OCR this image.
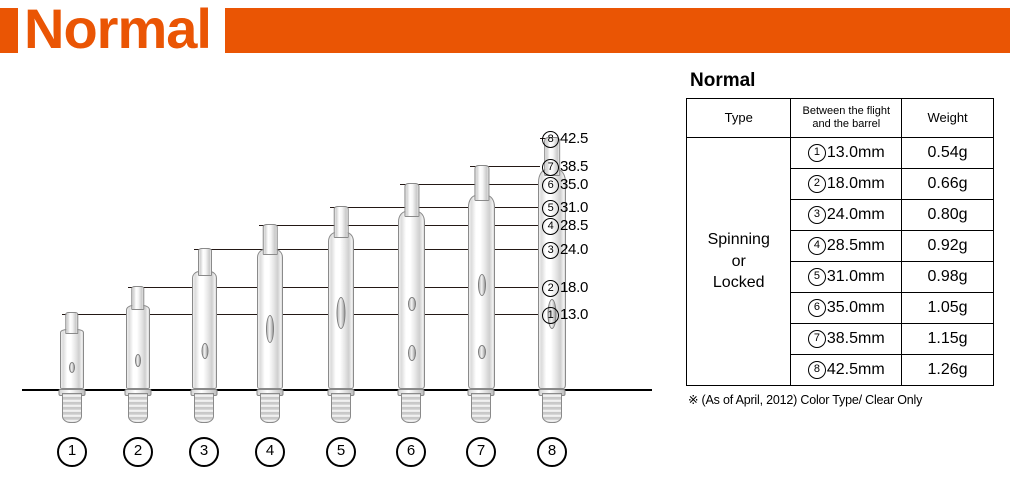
Normal
1	2	3	4	5	6	7	8
8 42.5
7 38.5
6 35.0
5 31.0
4 28.5
3 24.0
2 18.0
1 13.0
Normal
Type	Between the flight
and the barrel	Weight

Spinning
or
Locked	1 13.0mm	0.54g
	2 18.0mm	0.66g
	3 24.0mm	0.80g
	4 28.5mm	0.92g
	5 31.0mm	0.98g
	6 35.0mm	1.05g
	7 38.5mm	1.15g
	8 42.5mm	1.26g
※ (As of April, 2012) Color Type/ Clear Only
